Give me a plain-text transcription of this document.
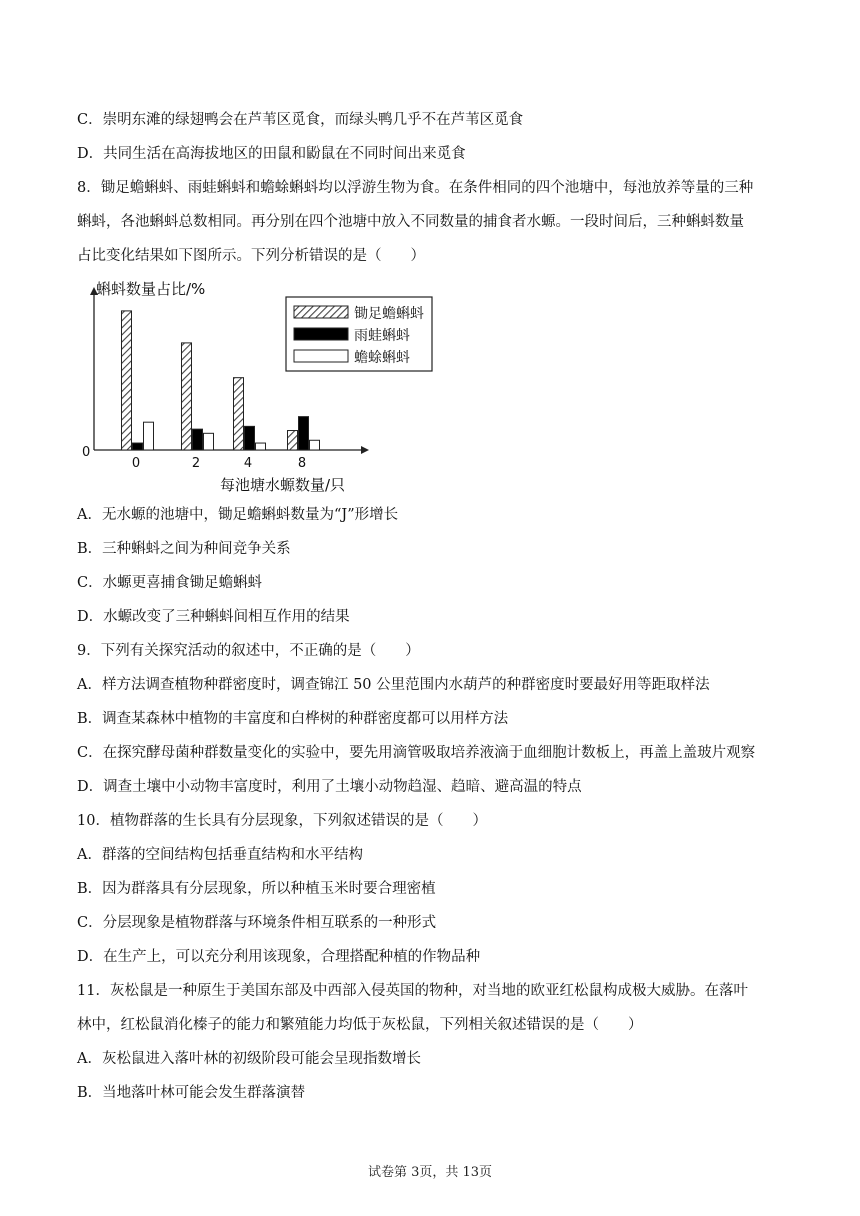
C．崇明东滩的绿翅鸭会在芦苇区觅食，而绿头鸭几乎不在芦苇区觅食
D．共同生活在高海拔地区的田鼠和鼢鼠在不同时间出来觅食
8．锄足蟾蝌蚪、雨蛙蝌蚪和蟾蜍蝌蚪均以浮游生物为食。在条件相同的四个池塘中，每池放养等量的三种
蝌蚪，各池蝌蚪总数相同。再分别在四个池塘中放入不同数量的捕食者水螈。一段时间后，三种蝌蚪数量
占比变化结果如下图所示。下列分析错误的是（　　）
0	2	4	8
锄足蟾蝌蚪
雨蛙蝌蚪
蟾蜍蝌蚪
蝌蚪数量占比/%
每池塘水螈数量/只
0
A．无水螈的池塘中，锄足蟾蝌蚪数量为“J”形增长
B．三种蝌蚪之间为种间竞争关系
C．水螈更喜捕食锄足蟾蝌蚪
D．水螈改变了三种蝌蚪间相互作用的结果
9．下列有关探究活动的叙述中，不正确的是（　　）
A．样方法调查植物种群密度时，调查锦江 50 公里范围内水葫芦的种群密度时要最好用等距取样法
B．调查某森林中植物的丰富度和白桦树的种群密度都可以用样方法
C．在探究酵母菌种群数量变化的实验中，要先用滴管吸取培养液滴于血细胞计数板上，再盖上盖玻片观察
D．调查土壤中小动物丰富度时，利用了土壤小动物趋湿、趋暗、避高温的特点
10．植物群落的生长具有分层现象，下列叙述错误的是（　　）
A．群落的空间结构包括垂直结构和水平结构
B．因为群落具有分层现象，所以种植玉米时要合理密植
C．分层现象是植物群落与环境条件相互联系的一种形式
D．在生产上，可以充分利用该现象，合理搭配种植的作物品种
11．灰松鼠是一种原生于美国东部及中西部入侵英国的物种，对当地的欧亚红松鼠构成极大威胁。在落叶
林中，红松鼠消化榛子的能力和繁殖能力均低于灰松鼠，下列相关叙述错误的是（　　）
A．灰松鼠进入落叶林的初级阶段可能会呈现指数增长
B．当地落叶林可能会发生群落演替
试卷第 3页，共 13页
